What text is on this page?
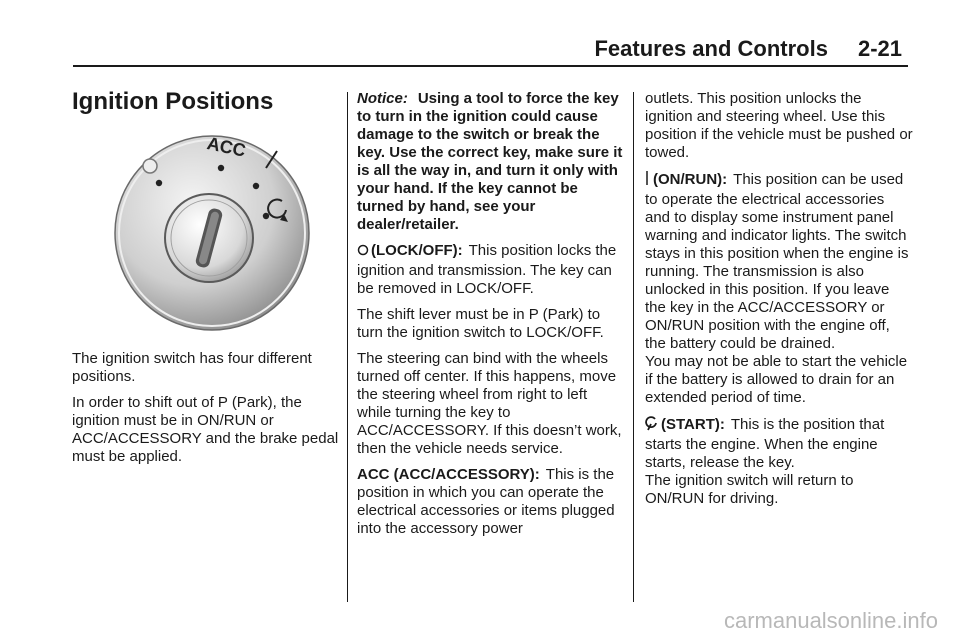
Features and Controls 2-21
Ignition Positions
ACC

The ignition switch has four different positions.

In order to shift out of P (Park), the ignition must be in ON/RUN or ACC/ACCESSORY and the brake pedal must be applied.

Notice: Using a tool to force the key to turn in the ignition could cause damage to the switch or break the key. Use the correct key, make sure it is all the way in, and turn it only with your hand. If the key cannot be turned by hand, see your dealer/retailer.

(LOCK/OFF): This position locks the ignition and transmission. The key can be removed in LOCK/OFF.

The shift lever must be in P (Park) to turn the ignition switch to LOCK/OFF.

The steering can bind with the wheels turned off center. If this happens, move the steering wheel from right to left while turning the key to ACC/ACCESSORY. If this doesn’t work, then the vehicle needs service.

ACC (ACC/ACCESSORY): This is the position in which you can operate the electrical accessories or items plugged into the accessory power

outlets. This position unlocks the ignition and steering wheel. Use this position if the vehicle must be pushed or towed.

(ON/RUN): This position can be used to operate the electrical accessories and to display some instrument panel warning and indicator lights. The switch stays in this position when the engine is running. The transmission is also unlocked in this position. If you leave the key in the ACC/ACCESSORY or ON/RUN position with the engine off, the battery could be drained.

You may not be able to start the vehicle if the battery is allowed to drain for an extended period of time.

(START): This is the position that starts the engine. When the engine starts, release the key.

The ignition switch will return to ON/RUN for driving.

carmanualsonline.info
